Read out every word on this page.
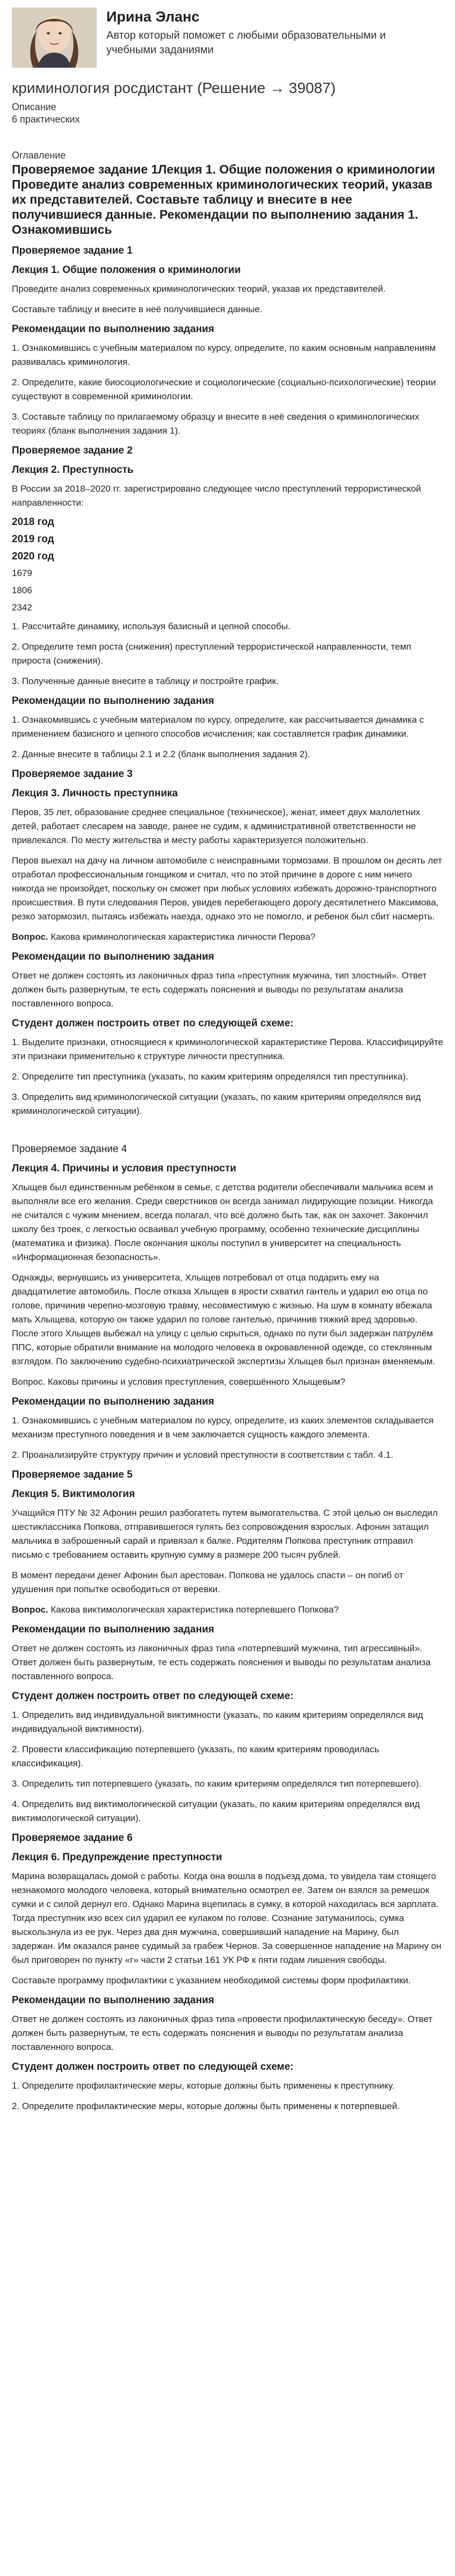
Ирина Эланс
Автор который поможет с любыми образовательными и учебными заданиями
криминология росдистант (Решение → 39087)
Описание
6 практических
Оглавление
Проверяемое задание 1Лекция 1. Общие положения о криминологии Проведите анализ современных криминологических теорий, указав их представителей. Составьте таблицу и внесите в нее получившиеся данные. Рекомендации по выполнению задания 1. Ознакомившись
Проверяемое задание 1
Лекция 1. Общие положения о криминологии

Проведите анализ современных криминологических теорий, указав их представителей.

Составьте таблицу и внесите в неё получившиеся данные.

Рекомендации по выполнению задания

1. Ознакомившись с учебным материалом по курсу, определите, по каким основным направлениям развивалась криминология.

2. Определите, какие биосоциологические и социологические (социально-психологические) теории существуют в современной криминологии.

3. Составьте таблицу по прилагаемому образцу и внесите в неё сведения о криминологических теориях (бланк выполнения задания 1).

Проверяемое задание 2
Лекция 2. Преступность

В России за 2018–2020 гг. зарегистрировано следующее число преступлений террористической направленности:

2018 год
2019 год
2020 год
1679
1806
2342

1. Рассчитайте динамику, используя базисный и цепной способы.

2. Определите темп роста (снижения) преступлений террористической направленности, темп прироста (снижения).

3. Полученные данные внесите в таблицу и постройте график.

Рекомендации по выполнению задания

1. Ознакомившись с учебным материалом по курсу, определите, как рассчитывается динамика с применением базисного и цепного способов исчисления; как составляется график динамики.

2. Данные внесите в таблицы 2.1 и 2.2 (бланк выполнения задания 2).

Проверяемое задание 3
Лекция 3. Личность преступника

Перов, 35 лет, образование среднее специальное (техническое), женат, имеет двух малолетних детей, работает слесарем на заводе, ранее не судим, к административной ответственности не привлекался. По месту жительства и месту работы характеризуется положительно.

Перов выехал на дачу на личном автомобиле с неисправными тормозами. В прошлом он десять лет отработал профессиональным гонщиком и считал, что по этой причине в дороге с ним ничего никогда не произойдет, поскольку он сможет при любых условиях избежать дорожно-транспортного происшествия. В пути следования Перов, увидев перебегающего дорогу десятилетнего Максимова, резко затормозил, пытаясь избежать наезда, однако это не помогло, и ребенок был сбит насмерть.

Вопрос. Какова криминологическая характеристика личности Перова?

Рекомендации по выполнению задания

Ответ не должен состоять из лаконичных фраз типа «преступник мужчина, тип злостный». Ответ должен быть развернутым, те есть содержать пояснения и выводы по результатам анализа поставленного вопроса.

Студент должен построить ответ по следующей схеме:

1. Выделите признаки, относящиеся к криминологической характеристике Перова. Классифицируйте эти признаки применительно к структуре личности преступника.

2. Определите тип преступника (указать, по каким критериям определялся тип преступника).

3. Определить вид криминологической ситуации (указать, по каким критериям определялся вид криминологической ситуации).

Проверяемое задание 4
Лекция 4. Причины и условия преступности

Хлыщев был единственным ребёнком в семье, с детства родители обеспечивали мальчика всем и выполняли все его желания. Среди сверстников он всегда занимал лидирующие позиции. Никогда не считался с чужим мнением, всегда полагал, что всё должно быть так, как он захочет. Закончил школу без троек, с легкостью осваивал учебную программу, особенно технические дисциплины (математика и физика). После окончания школы поступил в университет на специальность «Информационная безопасность».

Однажды, вернувшись из университета, Хлыщев потребовал от отца подарить ему на двадцатилетие автомобиль. После отказа Хлыщев в ярости схватил гантель и ударил ею отца по голове, причинив черепно-мозговую травму, несовместимую с жизнью. На шум в комнату вбежала мать Хлыщева, которую он также ударил по голове гантелью, причинив тяжкий вред здоровью. После этого Хлыщев выбежал на улицу с целью скрыться, однако по пути был задержан патрулём ППС, которые обратили внимание на молодого человека в окровавленной одежде, со стеклянным взглядом. По заключению судебно-психиатрической экспертизы Хлыщев был признан вменяемым.

Вопрос. Каковы причины и условия преступления, совершённого Хлыщевым?

Рекомендации по выполнению задания

1. Ознакомившись с учебным материалом по курсу, определите, из каких элементов складывается механизм преступного поведения и в чем заключается сущность каждого элемента.

2. Проанализируйте структуру причин и условий преступности в соответствии с табл. 4.1.

Проверяемое задание 5
Лекция 5. Виктимология

Учащийся ПТУ № 32 Афонин решил разбогатеть путем вымогательства. С этой целью он выследил шестиклассника Попкова, отправившегося гулять без сопровождения взрослых. Афонин затащил мальчика в заброшенный сарай и привязал к балке. Родителям Попкова преступник отправил письмо с требованием оставить крупную сумму в размере 200 тысяч рублей.

В момент передачи денег Афонин был арестован. Попкова не удалось спасти – он погиб от удушения при попытке освободиться от веревки.

Вопрос. Какова виктимологическая характеристика потерпевшего Попкова?

Рекомендации по выполнению задания

Ответ не должен состоять из лаконичных фраз типа «потерпевший мужчина, тип агрессивный». Ответ должен быть развернутым, те есть содержать пояснения и выводы по результатам анализа поставленного вопроса.

Студент должен построить ответ по следующей схеме:

1. Определить вид индивидуальной виктимности (указать, по каким критериям определялся вид индивидуальной виктимности).

2. Провести классификацию потерпевшего (указать, по каким критериям проводилась классификация).

3. Определить тип потерпевшего (указать, по каким критериям определялся тип потерпевшего).

4. Определить вид виктимологической ситуации (указать, по каким критериям определялся вид виктимологической ситуации).

Проверяемое задание 6
Лекция 6. Предупреждение преступности

Марина возвращалась домой с работы. Когда она вошла в подъезд дома, то увидела там стоящего незнакомого молодого человека, который внимательно осмотрел ее. Затем он взялся за ремешок сумки и с силой дернул его. Однако Марина вцепилась в сумку, в которой находилась вся зарплата. Тогда преступник изо всех сил ударил ее кулаком по голове. Сознание затуманилось, сумка выскользнула из ее рук. Через два дня мужчина, совершивший нападение на Марину, был задержан. Им оказался ранее судимый за грабеж Чернов. За совершенное нападение на Марину он был приговорен по пункту «г» части 2 статьи 161 УК РФ к пяти годам лишения свободы.

Составьте программу профилактики с указанием необходимой системы форм профилактики.

Рекомендации по выполнению задания

Ответ не должен состоять из лаконичных фраз типа «провести профилактическую беседу». Ответ должен быть развернутым, те есть содержать пояснения и выводы по результатам анализа поставленного вопроса.

Студент должен построить ответ по следующей схеме:

1. Определите профилактические меры, которые должны быть применены к преступнику.

2. Определите профилактические меры, которые должны быть применены к потерпевшей.
